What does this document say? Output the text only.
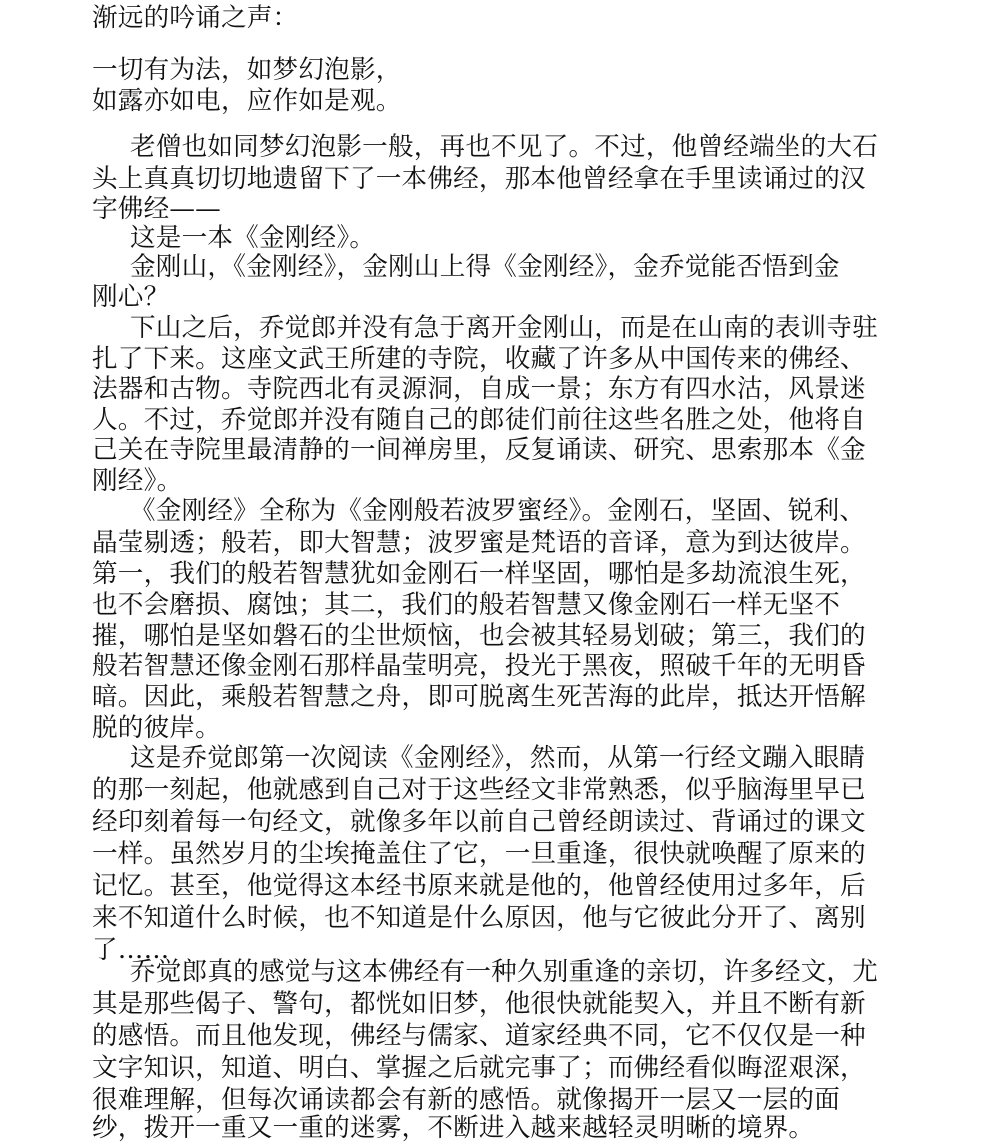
渐远的吟诵之声：
一切有为法，如梦幻泡影，
如露亦如电，应作如是观。
老僧也如同梦幻泡影一般，再也不见了。不过，他曾经端坐的大石
头上真真切切地遗留下了一本佛经，那本他曾经拿在手里读诵过的汉
字佛经——
这是一本《金刚经》。
金刚山，《金刚经》，金刚山上得《金刚经》，金乔觉能否悟到金
刚心？
下山之后，乔觉郎并没有急于离开金刚山，而是在山南的表训寺驻
扎了下来。这座文武王所建的寺院，收藏了许多从中国传来的佛经、
法器和古物。寺院西北有灵源洞，自成一景；东方有四水沽，风景迷
人。不过，乔觉郎并没有随自己的郎徒们前往这些名胜之处，他将自
己关在寺院里最清静的一间禅房里，反复诵读、研究、思索那本《金
刚经》。
《金刚经》全称为《金刚般若波罗蜜经》。金刚石，坚固、锐利、
晶莹剔透；般若，即大智慧；波罗蜜是梵语的音译，意为到达彼岸。
第一，我们的般若智慧犹如金刚石一样坚固，哪怕是多劫流浪生死，
也不会磨损、腐蚀；其二，我们的般若智慧又像金刚石一样无坚不
摧，哪怕是坚如磐石的尘世烦恼，也会被其轻易划破；第三，我们的
般若智慧还像金刚石那样晶莹明亮，投光于黑夜，照破千年的无明昏
暗。因此，乘般若智慧之舟，即可脱离生死苦海的此岸，抵达开悟解
脱的彼岸。
这是乔觉郎第一次阅读《金刚经》，然而，从第一行经文蹦入眼睛
的那一刻起，他就感到自己对于这些经文非常熟悉，似乎脑海里早已
经印刻着每一句经文，就像多年以前自己曾经朗读过、背诵过的课文
一样。虽然岁月的尘埃掩盖住了它，一旦重逢，很快就唤醒了原来的
记忆。甚至，他觉得这本经书原来就是他的，他曾经使用过多年，后
来不知道什么时候，也不知道是什么原因，他与它彼此分开了、离别
了……
乔觉郎真的感觉与这本佛经有一种久别重逢的亲切，许多经文，尤
其是那些偈子、警句，都恍如旧梦，他很快就能契入，并且不断有新
的感悟。而且他发现，佛经与儒家、道家经典不同，它不仅仅是一种
文字知识，知道、明白、掌握之后就完事了；而佛经看似晦涩艰深，
很难理解，但每次诵读都会有新的感悟。就像揭开一层又一层的面
纱，拨开一重又一重的迷雾，不断进入越来越轻灵明晰的境界。
